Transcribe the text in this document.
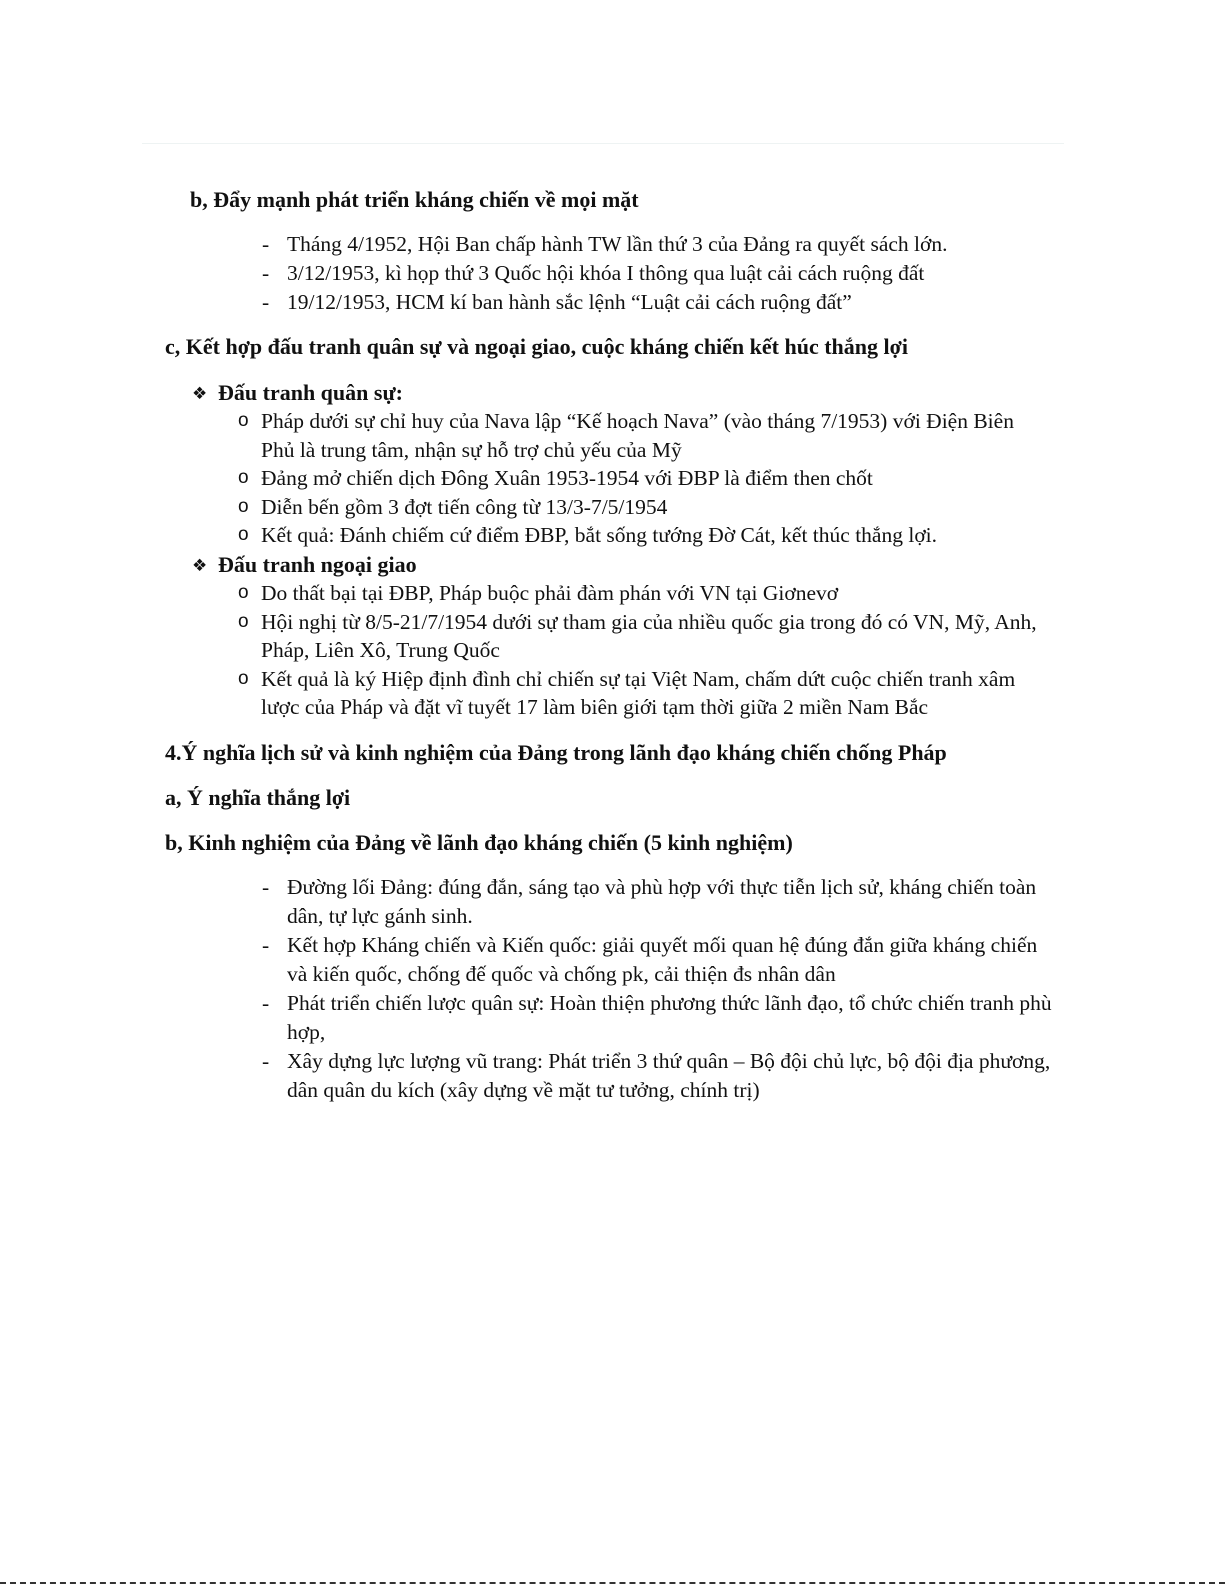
b, Đẩy mạnh phát triển kháng chiến về mọi mặt
- Tháng 4/1952, Hội Ban chấp hành TW lần thứ 3 của Đảng ra quyết sách lớn.
- 3/12/1953, kì họp thứ 3 Quốc hội khóa I thông qua luật cải cách ruộng đất
- 19/12/1953, HCM kí ban hành sắc lệnh “Luật cải cách ruộng đất”
c, Kết hợp đấu tranh quân sự và ngoại giao, cuộc kháng chiến kết húc thắng lợi
❖ Đấu tranh quân sự:
o Pháp dưới sự chỉ huy của Nava lập “Kế hoạch Nava” (vào tháng 7/1953) với Điện Biên Phủ là trung tâm, nhận sự hỗ trợ chủ yếu của Mỹ
o Đảng mở chiến dịch Đông Xuân 1953-1954 với ĐBP là điểm then chốt
o Diễn bến gồm 3 đợt tiến công từ 13/3-7/5/1954
o Kết quả: Đánh chiếm cứ điểm ĐBP, bắt sống tướng Đờ Cát, kết thúc thắng lợi.
❖ Đấu tranh ngoại giao
o Do thất bại tại ĐBP, Pháp buộc phải đàm phán với VN tại Giơnevơ
o Hội nghị từ 8/5-21/7/1954 dưới sự tham gia của nhiều quốc gia trong đó có VN, Mỹ, Anh, Pháp, Liên Xô, Trung Quốc
o Kết quả là ký Hiệp định đình chỉ chiến sự tại Việt Nam, chấm dứt cuộc chiến tranh xâm lược của Pháp và đặt vĩ tuyết 17 làm biên giới tạm thời giữa 2 miền Nam Bắc
4.Ý nghĩa lịch sử và kinh nghiệm của Đảng trong lãnh đạo kháng chiến chống Pháp
a, Ý nghĩa thắng lợi
b, Kinh nghiệm của Đảng về lãnh đạo kháng chiến (5 kinh nghiệm)
- Đường lối Đảng: đúng đắn, sáng tạo và phù hợp với thực tiễn lịch sử, kháng chiến toàn dân, tự lực gánh sinh.
- Kết hợp Kháng chiến và Kiến quốc: giải quyết mối quan hệ đúng đắn giữa kháng chiến và kiến quốc, chống đế quốc và chống pk, cải thiện đs nhân dân
- Phát triển chiến lược quân sự: Hoàn thiện phương thức lãnh đạo, tổ chức chiến tranh phù hợp,
- Xây dựng lực lượng vũ trang: Phát triển 3 thứ quân – Bộ đội chủ lực, bộ đội địa phương, dân quân du kích (xây dựng về mặt tư tưởng, chính trị)
